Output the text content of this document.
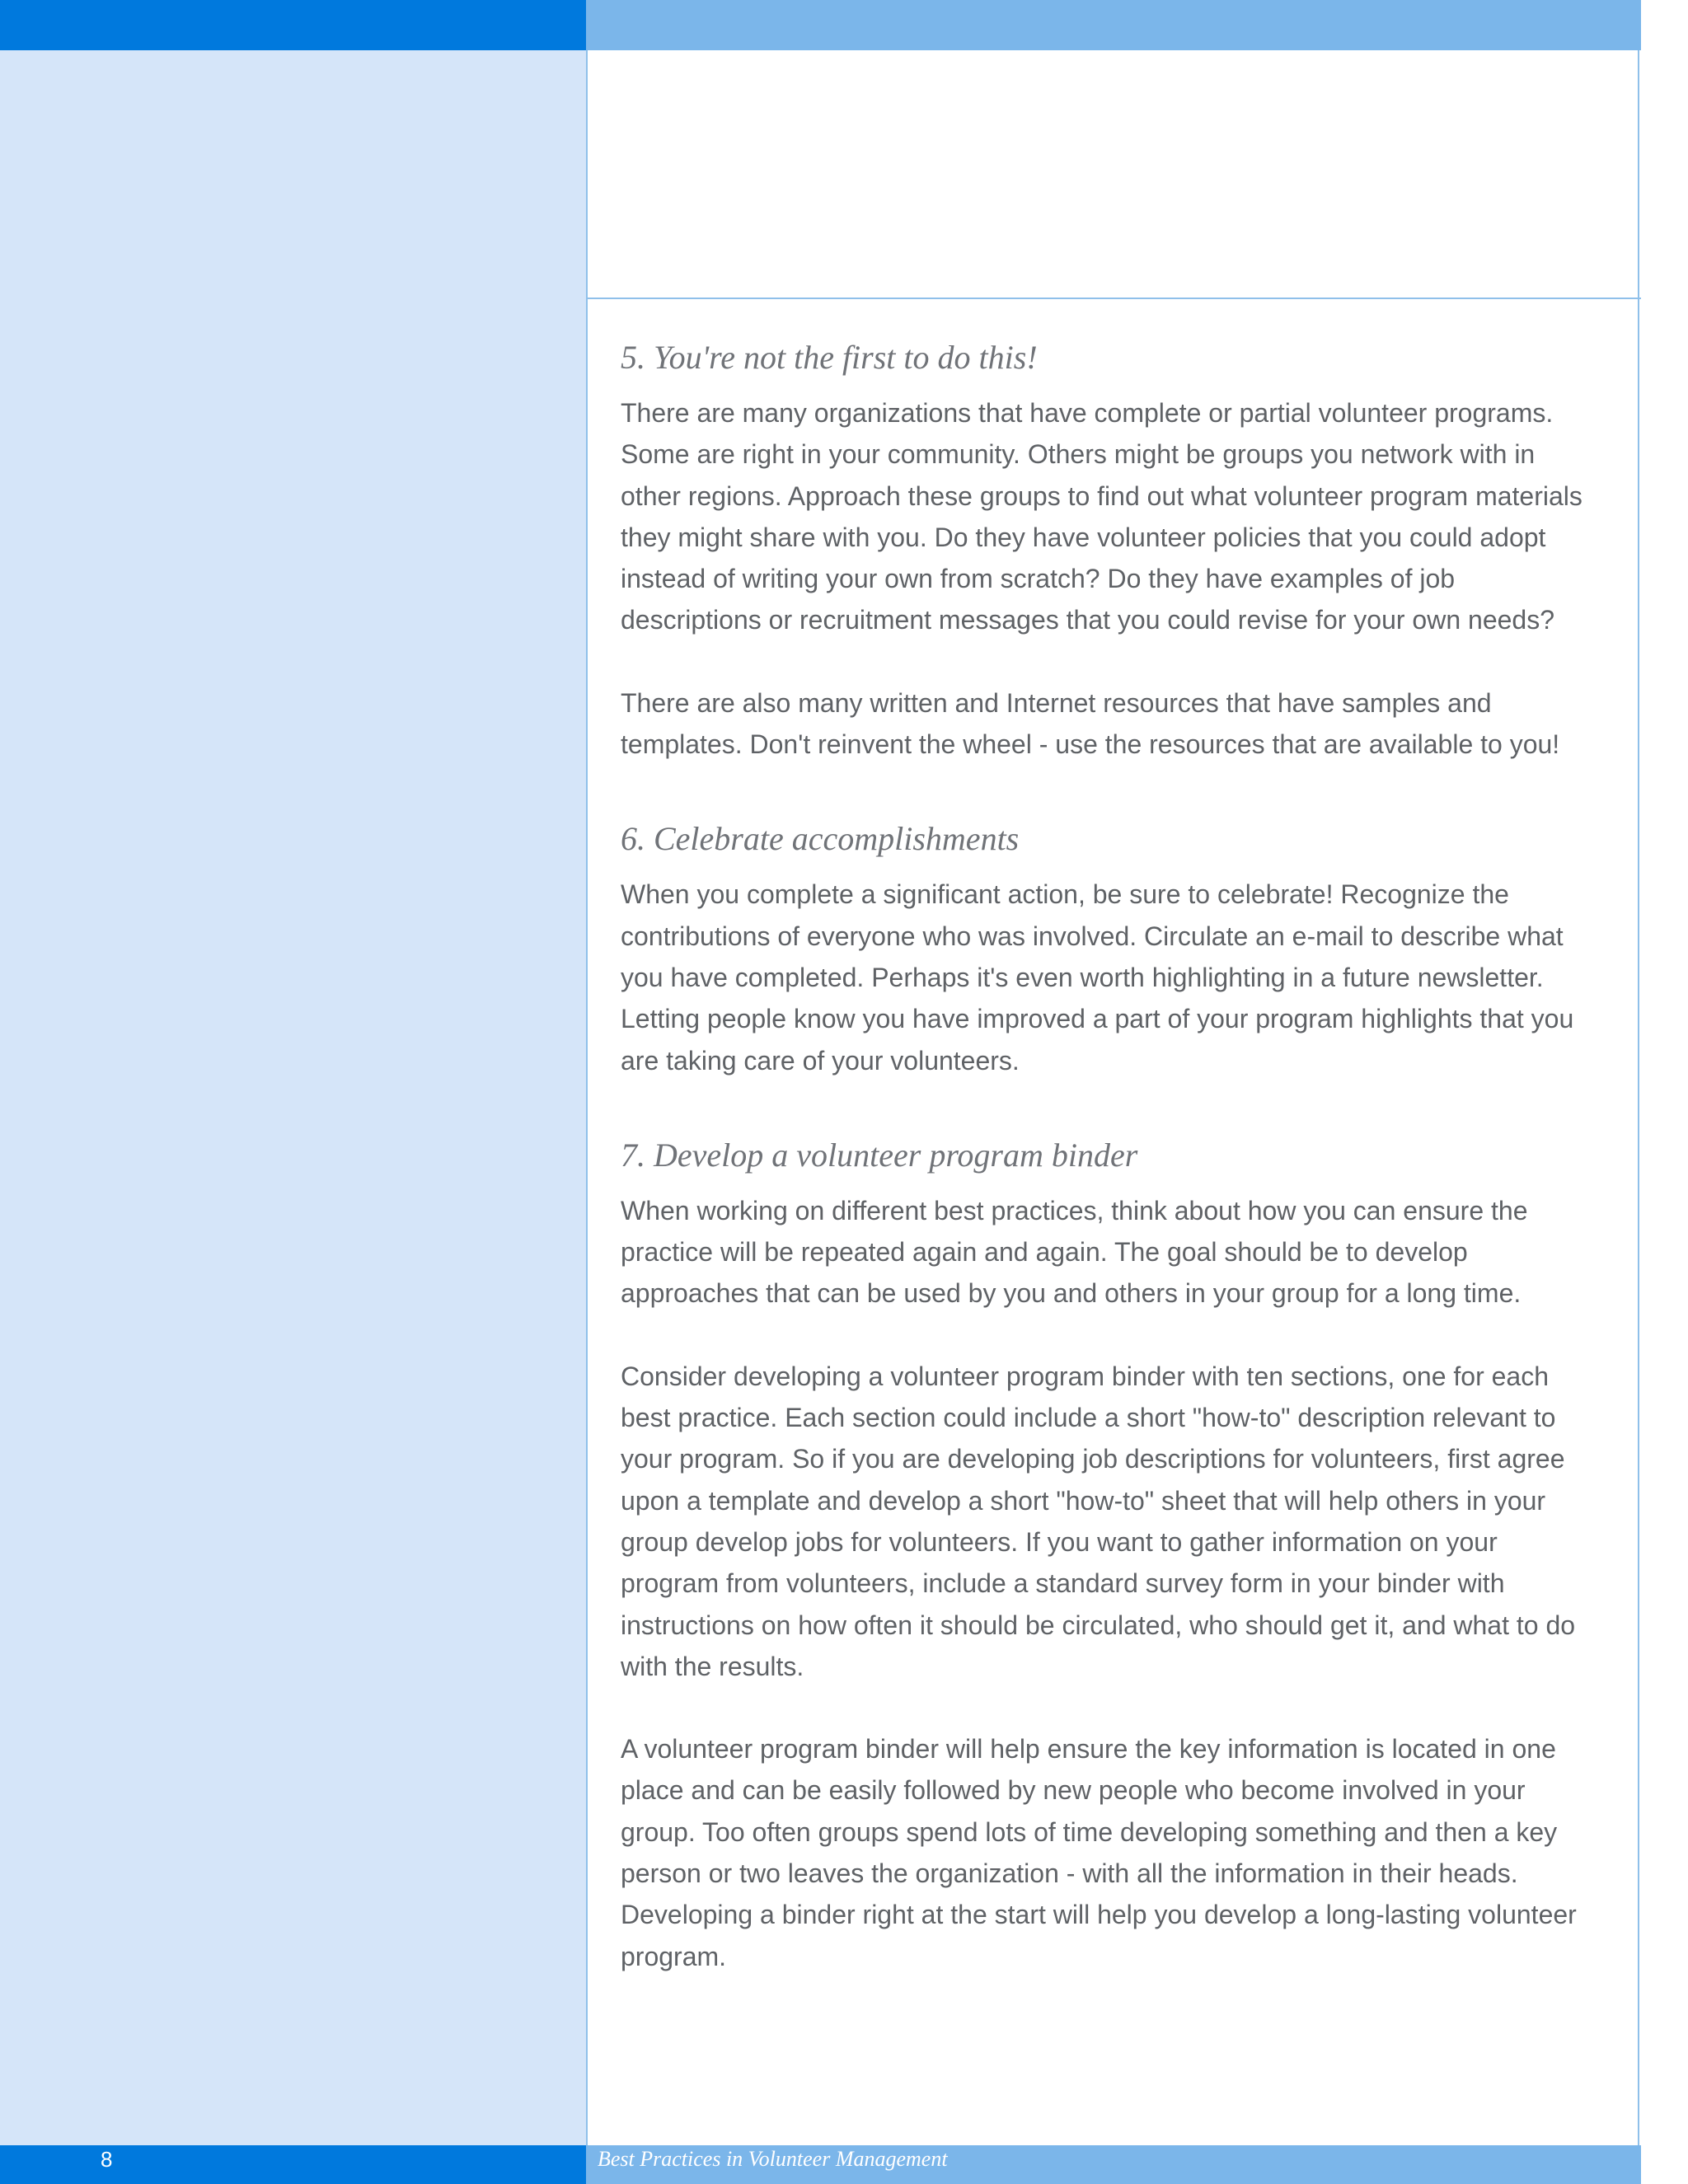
8	Best Practices in Volunteer Management
5. You're not the first to do this!

There are many organizations that have complete or partial volunteer programs. Some are right in your community. Others might be groups you network with in other regions. Approach these groups to find out what volunteer program materials they might share with you. Do they have volunteer policies that you could adopt instead of writing your own from scratch? Do they have examples of job descriptions or recruitment messages that you could revise for your own needs?

There are also many written and Internet resources that have samples and templates. Don't reinvent the wheel - use the resources that are available to you!

6. Celebrate accomplishments

When you complete a significant action, be sure to celebrate! Recognize the contributions of everyone who was involved. Circulate an e-mail to describe what you have completed. Perhaps it's even worth highlighting in a future newsletter. Letting people know you have improved a part of your program highlights that you are taking care of your volunteers.

7. Develop a volunteer program binder

When working on different best practices, think about how you can ensure the practice will be repeated again and again. The goal should be to develop approaches that can be used by you and others in your group for a long time.

Consider developing a volunteer program binder with ten sections, one for each best practice. Each section could include a short "how-to" description relevant to your program. So if you are developing job descriptions for volunteers, first agree upon a template and develop a short "how-to" sheet that will help others in your group develop jobs for volunteers. If you want to gather information on your program from volunteers, include a standard survey form in your binder with instructions on how often it should be circulated, who should get it, and what to do with the results.

A volunteer program binder will help ensure the key information is located in one place and can be easily followed by new people who become involved in your group. Too often groups spend lots of time developing something and then a key person or two leaves the organization - with all the information in their heads. Developing a binder right at the start will help you develop a long-lasting volunteer program.
